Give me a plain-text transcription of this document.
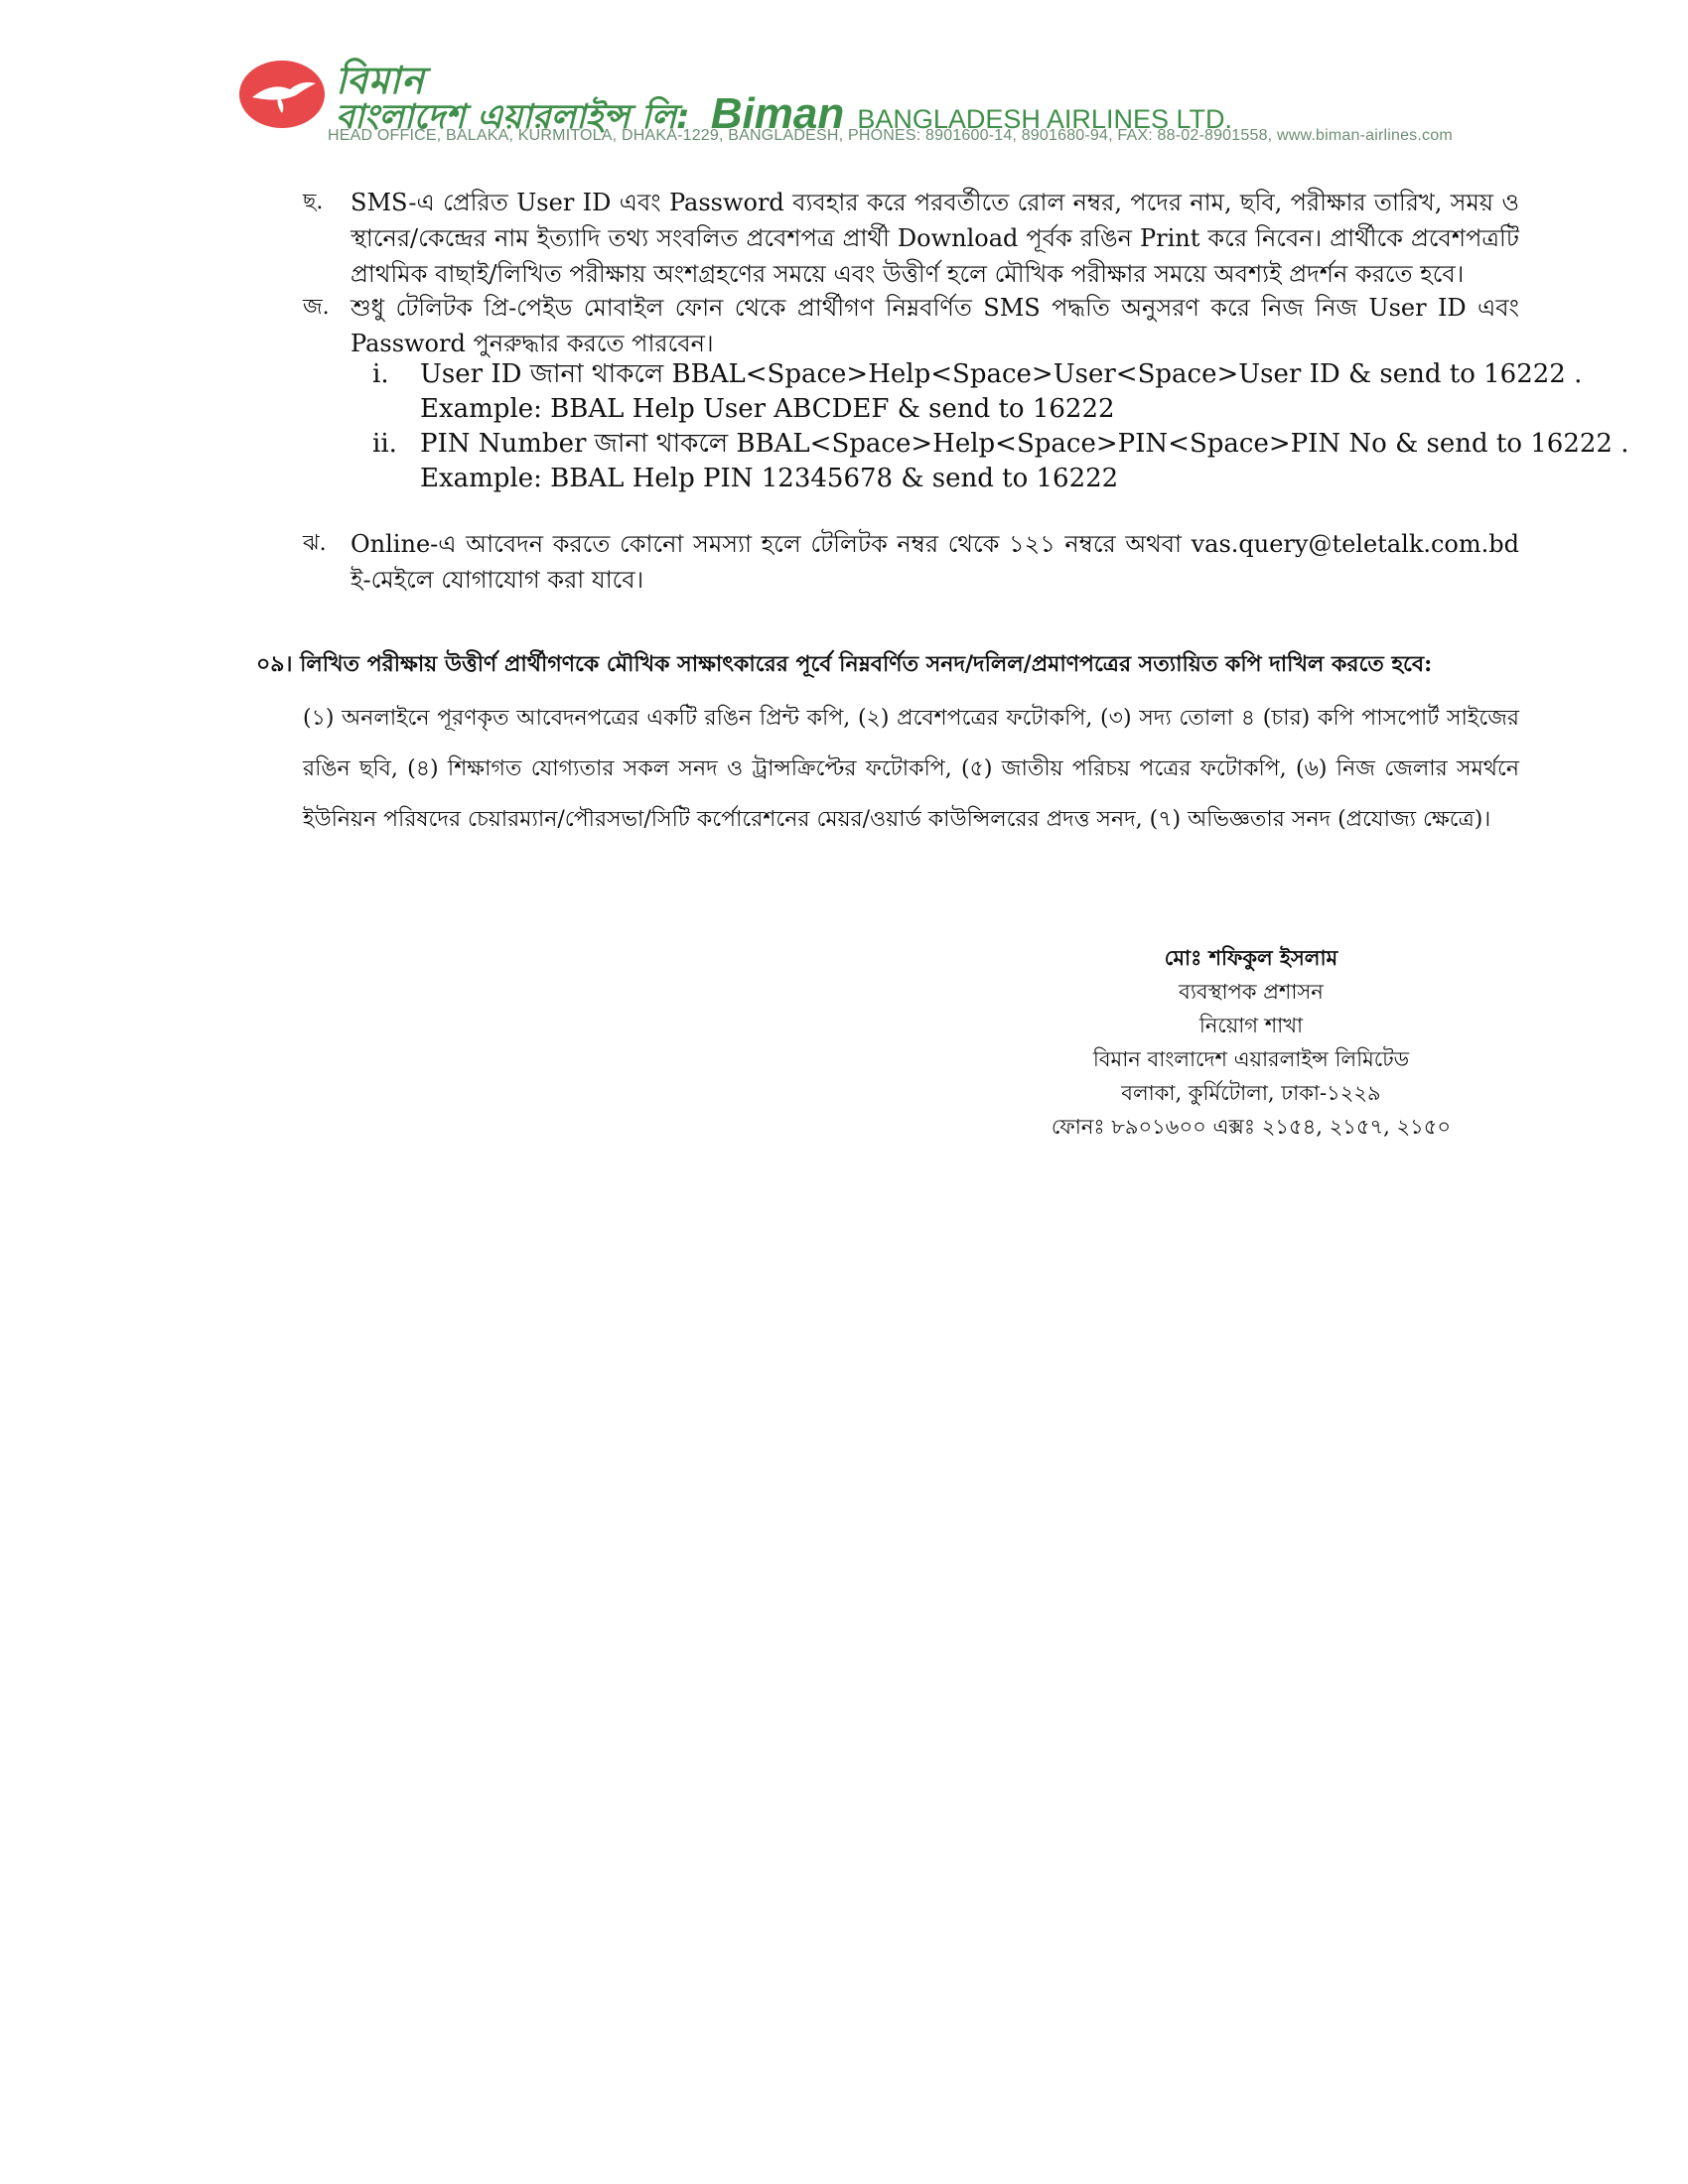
বিমান
বাংলাদেশ এয়ারলাইন্স লি: Biman BANGLADESH AIRLINES LTD.
HEAD OFFICE, BALAKA, KURMITOLA, DHAKA-1229, BANGLADESH, PHONES: 8901600-14, 8901680-94, FAX: 88-02-8901558, www.biman-airlines.com
ছ. SMS-এ প্রেরিত User ID এবং Password ব্যবহার করে পরবর্তীতে রোল নম্বর, পদের নাম, ছবি, পরীক্ষার তারিখ, সময় ও স্থানের/কেন্দ্রের নাম ইত্যাদি তথ্য সংবলিত প্রবেশপত্র প্রার্থী Download পূর্বক রঙিন Print করে নিবেন। প্রার্থীকে প্রবেশপত্রটি প্রাথমিক বাছাই/লিখিত পরীক্ষায় অংশগ্রহণের সময়ে এবং উত্তীর্ণ হলে মৌখিক পরীক্ষার সময়ে অবশ্যই প্রদর্শন করতে হবে।
জ. শুধু টেলিটক প্রি-পেইড মোবাইল ফোন থেকে প্রার্থীগণ নিম্নবর্ণিত SMS পদ্ধতি অনুসরণ করে নিজ নিজ User ID এবং Password পুনরুদ্ধার করতে পারবেন।
i.	User ID জানা থাকলে BBAL<Space>Help<Space>User<Space>User ID & send to 16222 .
Example: BBAL Help User ABCDEF & send to 16222
ii. PIN Number জানা থাকলে BBAL<Space>Help<Space>PIN<Space>PIN No & send to 16222 .
Example: BBAL Help PIN 12345678 & send to 16222
ঝ. Online-এ আবেদন করতে কোনো সমস্যা হলে টেলিটক নম্বর থেকে ১২১ নম্বরে অথবা vas.query@teletalk.com.bd ই-মেইলে যোগাযোগ করা যাবে।
০৯। লিখিত পরীক্ষায় উত্তীর্ণ প্রার্থীগণকে মৌখিক সাক্ষাৎকারের পূর্বে নিম্নবর্ণিত সনদ/দলিল/প্রমাণপত্রের সত্যায়িত কপি দাখিল করতে হবে:
(১) অনলাইনে পূরণকৃত আবেদনপত্রের একটি রঙিন প্রিন্ট কপি, (২) প্রবেশপত্রের ফটোকপি, (৩) সদ্য তোলা ৪ (চার) কপি পাসপোর্ট সাইজের রঙিন ছবি, (৪) শিক্ষাগত যোগ্যতার সকল সনদ ও ট্রান্সক্রিপ্টের ফটোকপি, (৫) জাতীয় পরিচয় পত্রের ফটোকপি, (৬) নিজ জেলার সমর্থনে ইউনিয়ন পরিষদের চেয়ারম্যান/পৌরসভা/সিটি কর্পোরেশনের মেয়র/ওয়ার্ড কাউন্সিলরের প্রদত্ত সনদ, (৭) অভিজ্ঞতার সনদ (প্রযোজ্য ক্ষেত্রে)।
মোঃ শফিকুল ইসলাম
ব্যবস্থাপক প্রশাসন
নিয়োগ শাখা
বিমান বাংলাদেশ এয়ারলাইন্স লিমিটেড
বলাকা, কুর্মিটোলা, ঢাকা-১২২৯
ফোনঃ ৮৯০১৬০০ এক্সঃ ২১৫৪, ২১৫৭, ২১৫০
